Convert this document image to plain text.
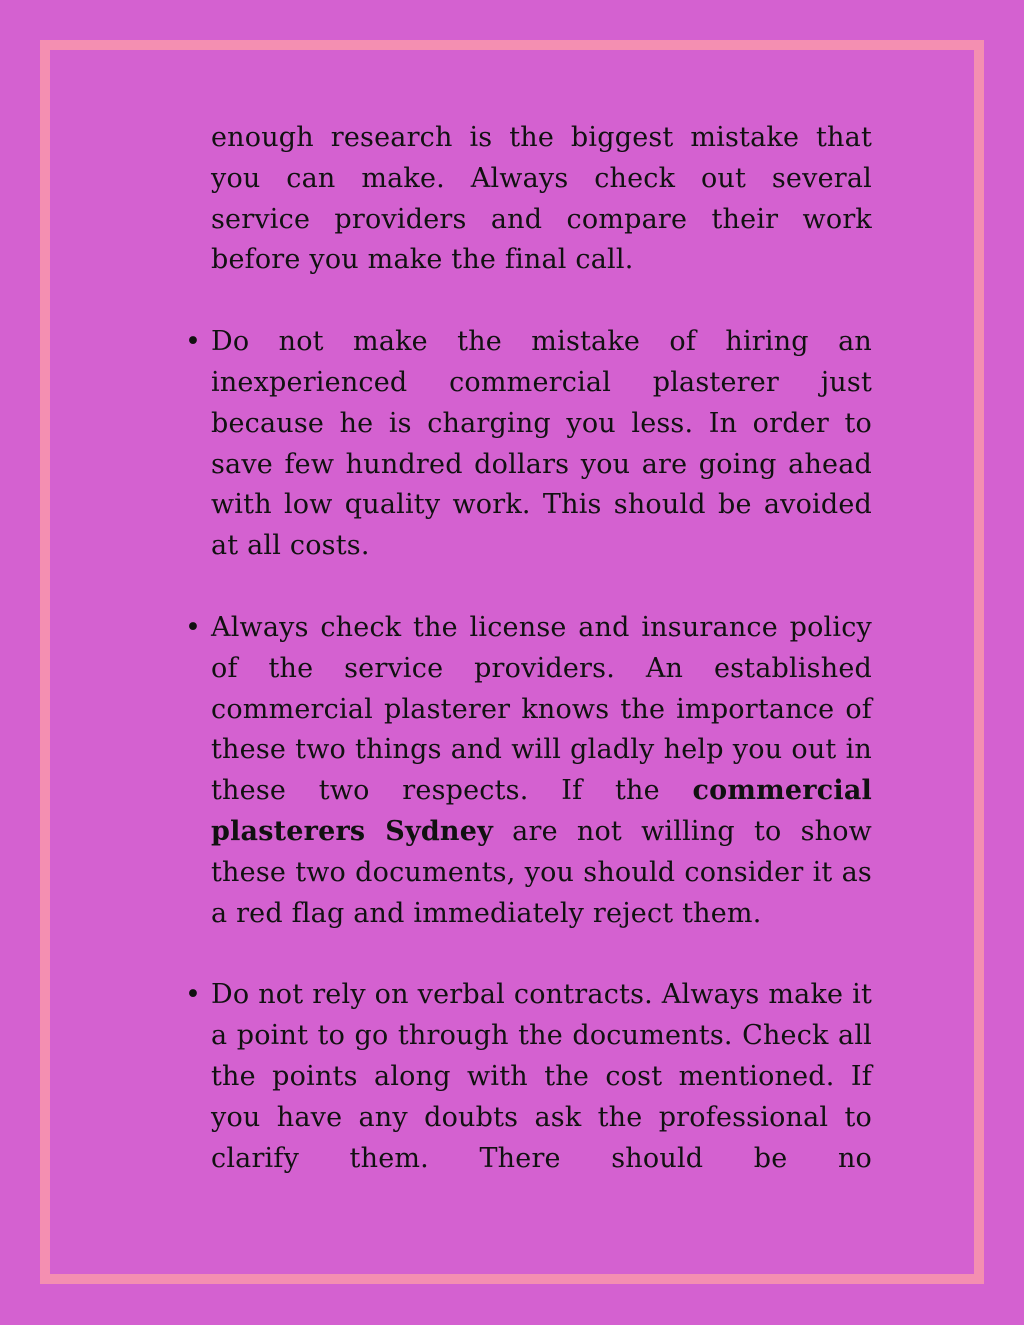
enough research is the biggest mistake that you can make. Always check out several service providers and compare their work before you make the final call.

• Do not make the mistake of hiring an inexperienced commercial plasterer just because he is charging you less. In order to save few hundred dollars you are going ahead with low quality work. This should be avoided at all costs.

• Always check the license and insurance policy of the service providers. An established commercial plasterer knows the importance of these two things and will gladly help you out in these two respects. If the commercial plasterers Sydney are not willing to show these two documents, you should consider it as a red flag and immediately reject them.

• Do not rely on verbal contracts. Always make it a point to go through the documents. Check all the points along with the cost mentioned. If you have any doubts ask the professional to clarify them. There should be no
